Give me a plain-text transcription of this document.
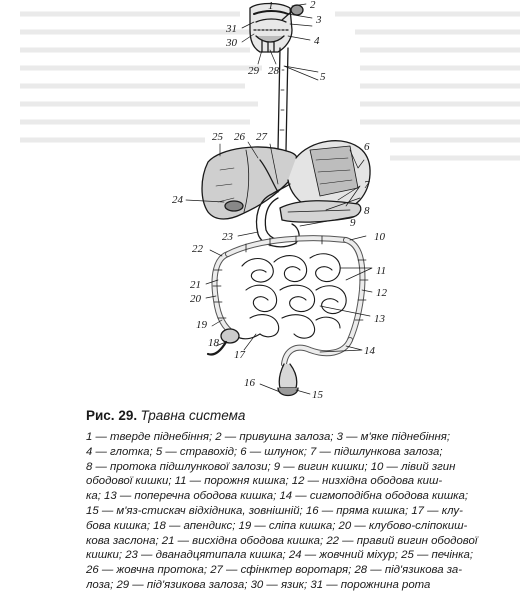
1	2
3
4
5
6
7
8
9
10
11
12
13
14
15
16
17
18
19
20
21
22
23
24
25 26 27
28
29
30
31
Рис. 29. Травна система
1 — тверде піднебіння; 2 — привушна залоза; 3 — м'яке піднебіння;
4 — глотка; 5 — стравохід; 6 — шлунок; 7 — підшлункова залоза;
8 — протока підшлункової залози; 9 — вигин кишки; 10 — лівий згин
ободової кишки; 11 — порожня кишка; 12 — низхідна ободова киш-
ка; 13 — поперечна ободова кишка; 14 — сигмоподібна ободова кишка;
15 — м'яз-стискач відхідника, зовнішній; 16 — пряма кишка; 17 — клу-
бова кишка; 18 — апендикс; 19 — сліпа кишка; 20 — клубово-сліпокиш-
кова заслона; 21 — висхідна ободова кишка; 22 — правий вигин ободової
кишки; 23 — дванадцятипала кишка; 24 — жовчний міхур; 25 — печінка;
26 — жовчна протока; 27 — сфінктер воротаря; 28 — під'язикова за-
лоза; 29 — під'язикова залоза; 30 — язик; 31 — порожнина рота
